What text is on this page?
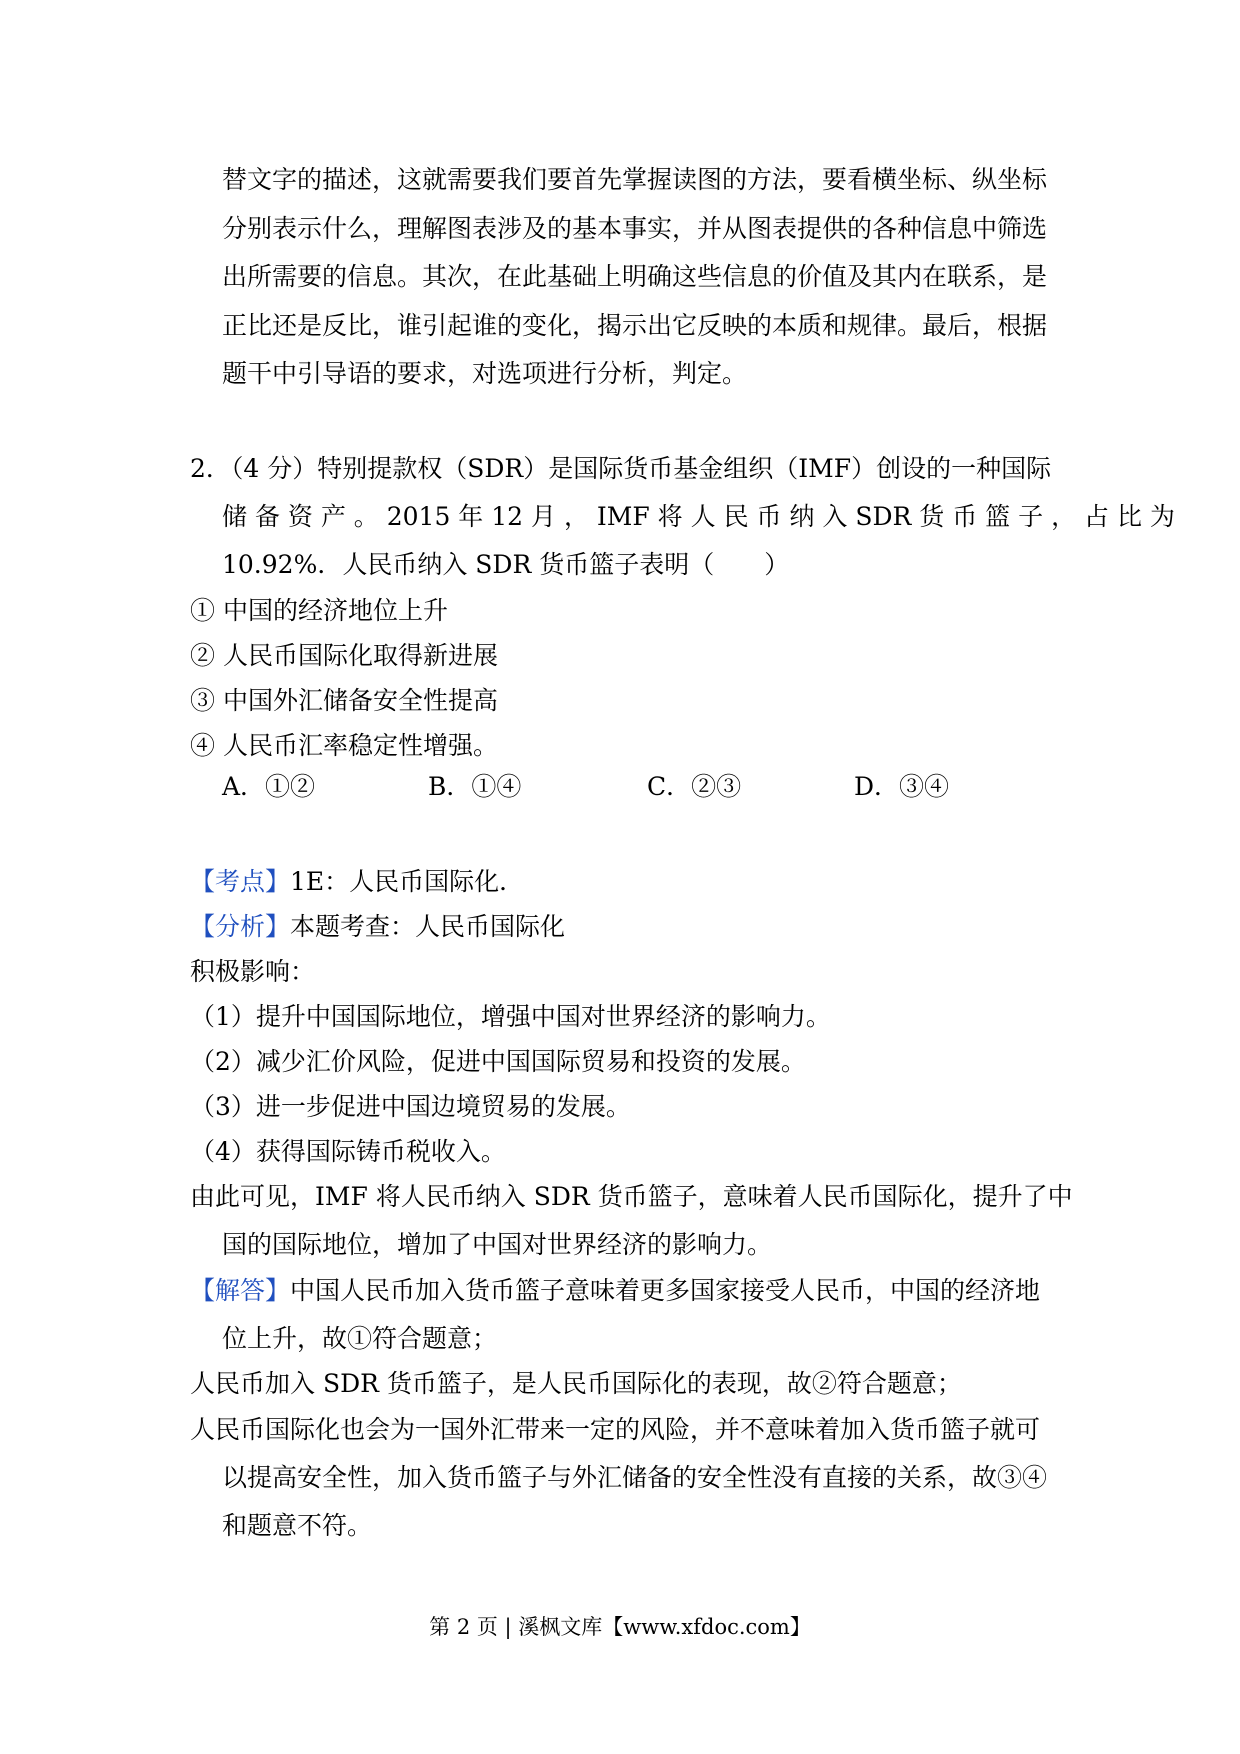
替文字的描述，这就需要我们要首先掌握读图的方法，要看横坐标、纵坐标
分别表示什么，理解图表涉及的基本事实，并从图表提供的各种信息中筛选
出所需要的信息。其次，在此基础上明确这些信息的价值及其内在联系，是
正比还是反比，谁引起谁的变化，揭示出它反映的本质和规律。最后，根据
题干中引导语的要求，对选项进行分析，判定。
2．（4 分）特别提款权（SDR）是国际货币基金组织（IMF）创设的一种国际
储 备 资 产 。 2015 年 12 月 ， IMF 将 人 民 币 纳 入 SDR 货 币 篮 子 ， 占 比 为
10.92%．人民币纳入 SDR 货币篮子表明（　　）
① 中国的经济地位上升
② 人民币国际化取得新进展
③ 中国外汇储备安全性提高
④ 人民币汇率稳定性增强。
A．①②	B．①④	C．②③	D．③④
【考点】1E：人民币国际化．
【分析】本题考查：人民币国际化
积极影响：
（1）提升中国国际地位，增强中国对世界经济的影响力。
（2）减少汇价风险，促进中国国际贸易和投资的发展。
（3）进一步促进中国边境贸易的发展。
（4）获得国际铸币税收入。
由此可见，IMF 将人民币纳入 SDR 货币篮子，意味着人民币国际化，提升了中
国的国际地位，增加了中国对世界经济的影响力。
【解答】中国人民币加入货币篮子意味着更多国家接受人民币，中国的经济地
位上升，故①符合题意；
人民币加入 SDR 货币篮子，是人民币国际化的表现，故②符合题意；
人民币国际化也会为一国外汇带来一定的风险，并不意味着加入货币篮子就可
以提高安全性，加入货币篮子与外汇储备的安全性没有直接的关系，故③④
和题意不符。
第 2 页 | 溪枫文库【www.xfdoc.com】
